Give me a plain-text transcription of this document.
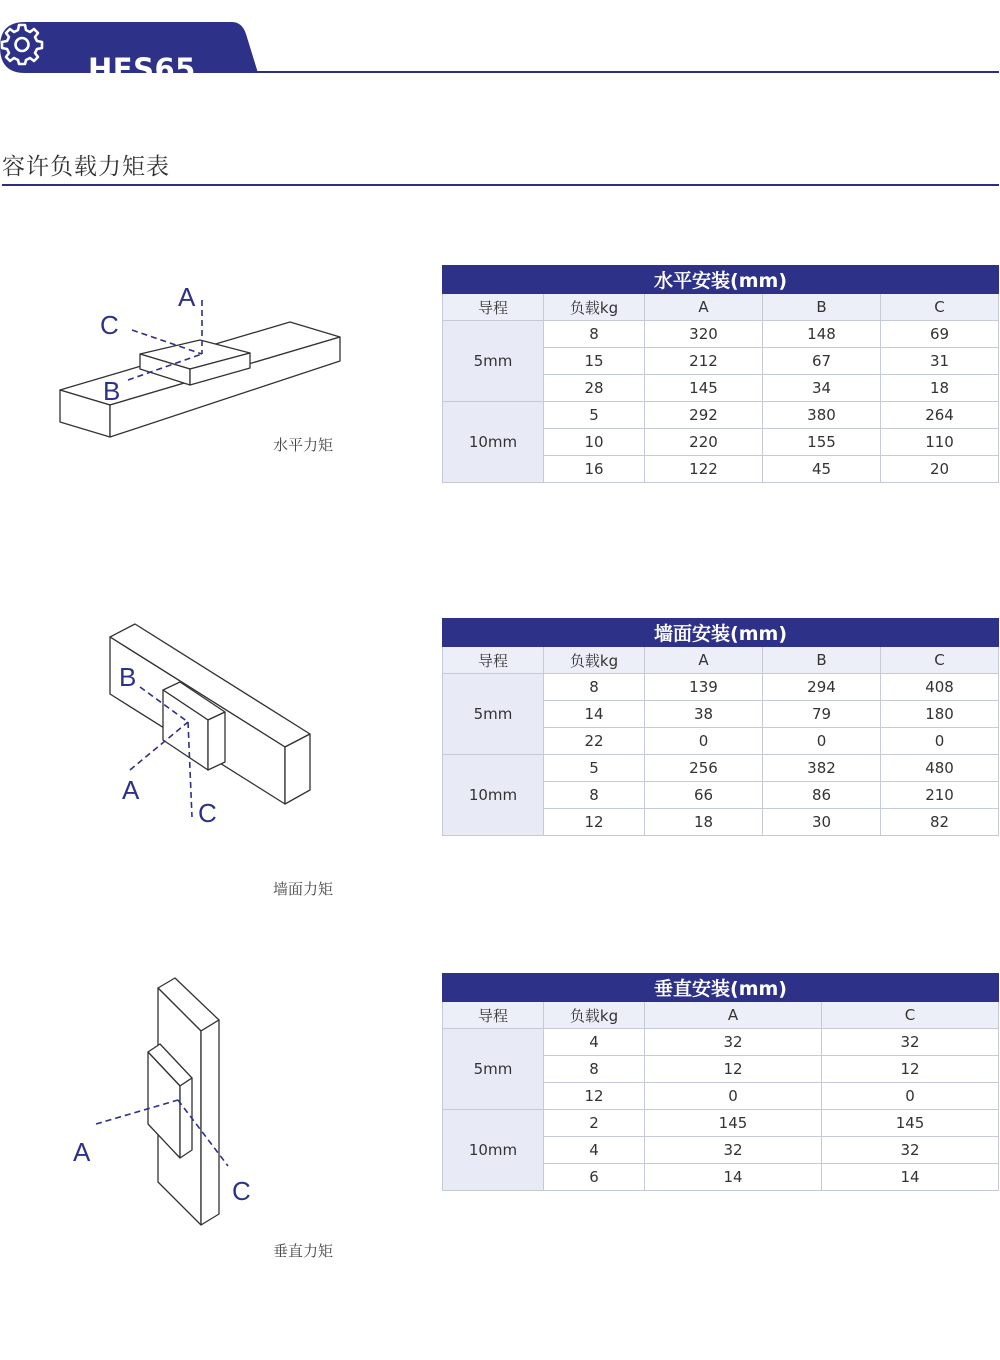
HFS65
容许负载力矩表
A
C
B
水平力矩
B
A
C
墙面力矩
A
C
垂直力矩
水平安装(mm)				
导程	负载kg	A	B	C
5mm	8	320	148	69
	15	212	67	31
	28	145	34	18
10mm	5	292	380	264
	10	220	155	110
	16	122	45	20
墙面安装(mm)				
导程	负载kg	A	B	C
5mm	8	139	294	408
	14	38	79	180
	22	0	0	0
10mm	5	256	382	480
	8	66	86	210
	12	18	30	82
垂直安装(mm)			
导程	负载kg	A	C
5mm	4	32	32
	8	12	12
	12	0	0
10mm	2	145	145
	4	32	32
	6	14	14
